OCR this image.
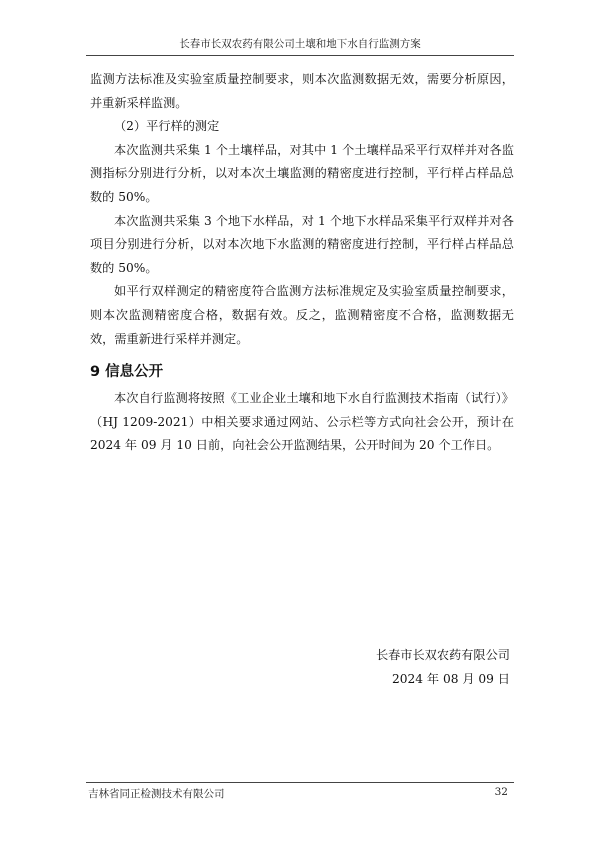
长春市长双农药有限公司土壤和地下水自行监测方案

监测方法标准及实验室质量控制要求，则本次监测数据无效，需要分析原因，并重新采样监测。

（2）平行样的测定

本次监测共采集 1 个土壤样品，对其中 1 个土壤样品采平行双样并对各监测指标分别进行分析，以对本次土壤监测的精密度进行控制，平行样占样品总数的 50%。

本次监测共采集 3 个地下水样品，对 1 个地下水样品采集平行双样并对各项目分别进行分析，以对本次地下水监测的精密度进行控制，平行样占样品总数的 50%。

如平行双样测定的精密度符合监测方法标准规定及实验室质量控制要求，则本次监测精密度合格，数据有效。反之，监测精密度不合格，监测数据无效，需重新进行采样并测定。

9 信息公开

本次自行监测将按照《工业企业土壤和地下水自行监测技术指南（试行）》（HJ 1209-2021）中相关要求通过网站、公示栏等方式向社会公开，预计在 2024 年 09 月 10 日前，向社会公开监测结果，公开时间为 20 个工作日。

长春市长双农药有限公司
2024 年 08 月 09 日
吉林省同正检测技术有限公司	32
